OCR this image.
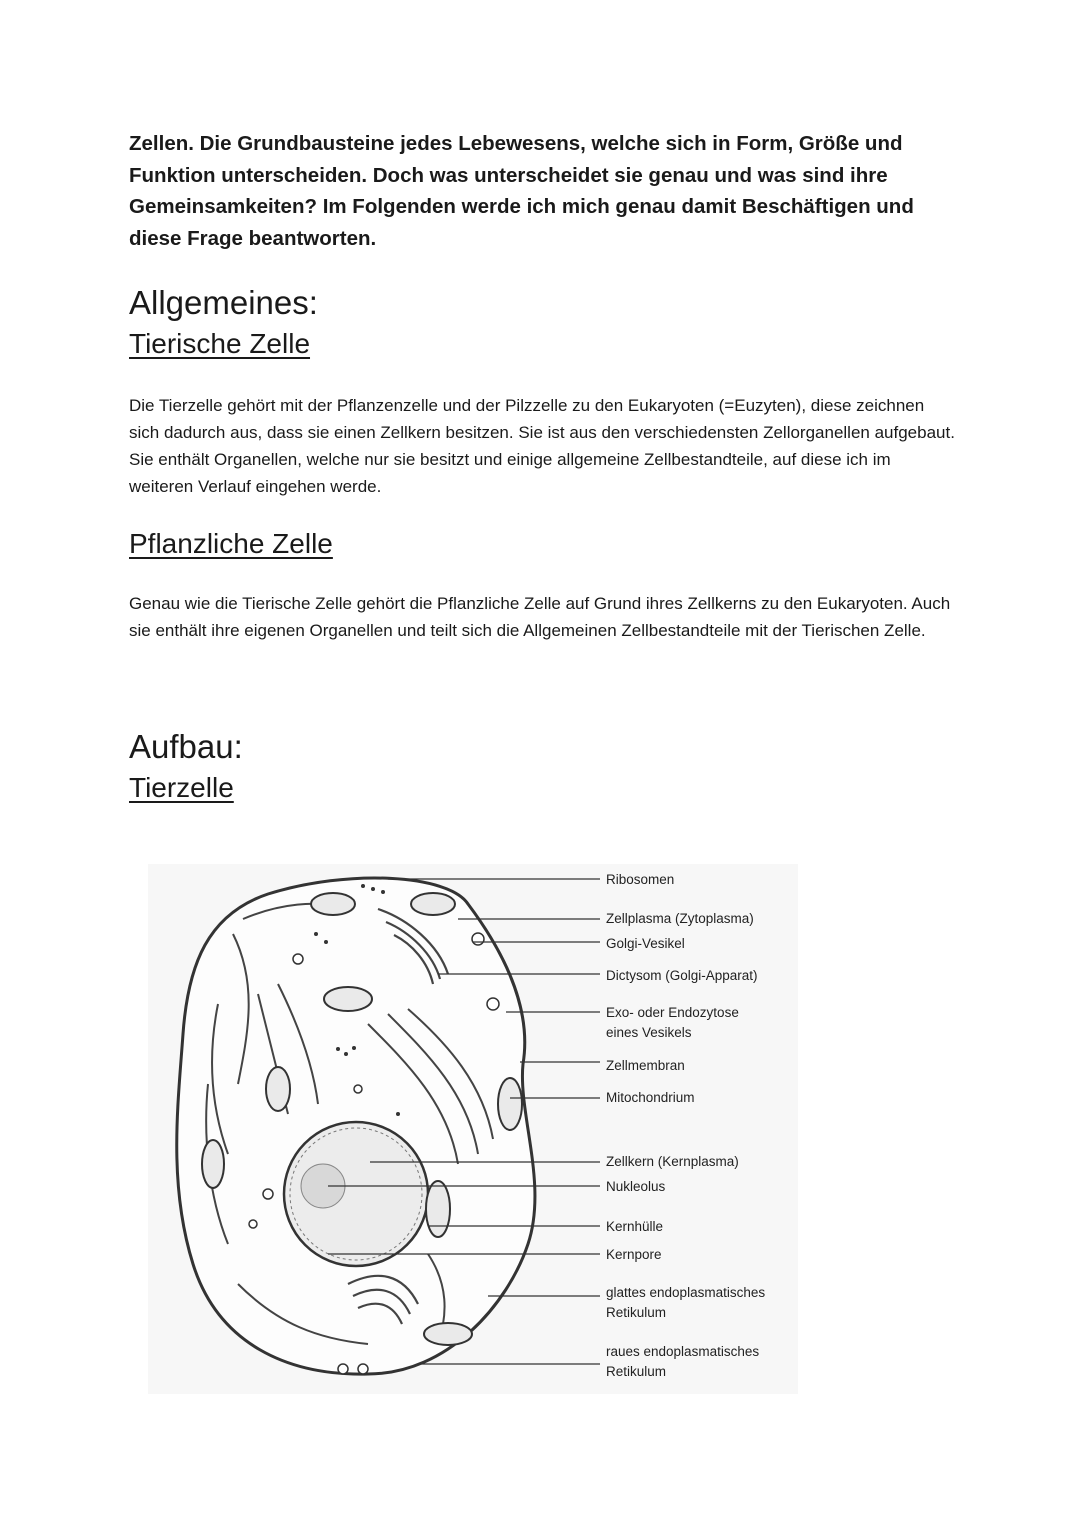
Zellen. Die Grundbausteine jedes Lebewesens, welche sich in Form, Größe und Funktion unterscheiden. Doch was unterscheidet sie genau und was sind ihre Gemeinsamkeiten? Im Folgenden werde ich mich genau damit Beschäftigen und diese Frage beantworten.

Allgemeines:
Tierische Zelle

Die Tierzelle gehört mit der Pflanzenzelle und der Pilzzelle zu den Eukaryoten (=Euzyten), diese zeichnen sich dadurch aus, dass sie einen Zellkern besitzen. Sie ist aus den verschiedensten Zellorganellen aufgebaut. Sie enthält Organellen, welche nur sie besitzt und einige allgemeine Zellbestandteile, auf diese ich im weiteren Verlauf eingehen werde.

Pflanzliche Zelle

Genau wie die Tierische Zelle gehört die Pflanzliche Zelle auf Grund ihres Zellkerns zu den Eukaryoten. Auch sie enthält ihre eigenen Organellen und teilt sich die Allgemeinen Zellbestandteile mit der Tierischen Zelle.

Aufbau:
Tierzelle
Ribosomen
Zellplasma (Zytoplasma)
Golgi-Vesikel
Dictysom (Golgi-Apparat)
Exo- oder Endozytose
eines Vesikels
Zellmembran
Mitochondrium
Zellkern (Kernplasma)
Nukleolus
Kernhülle
Kernpore
glattes endoplasmatisches
Retikulum
raues endoplasmatisches
Retikulum
